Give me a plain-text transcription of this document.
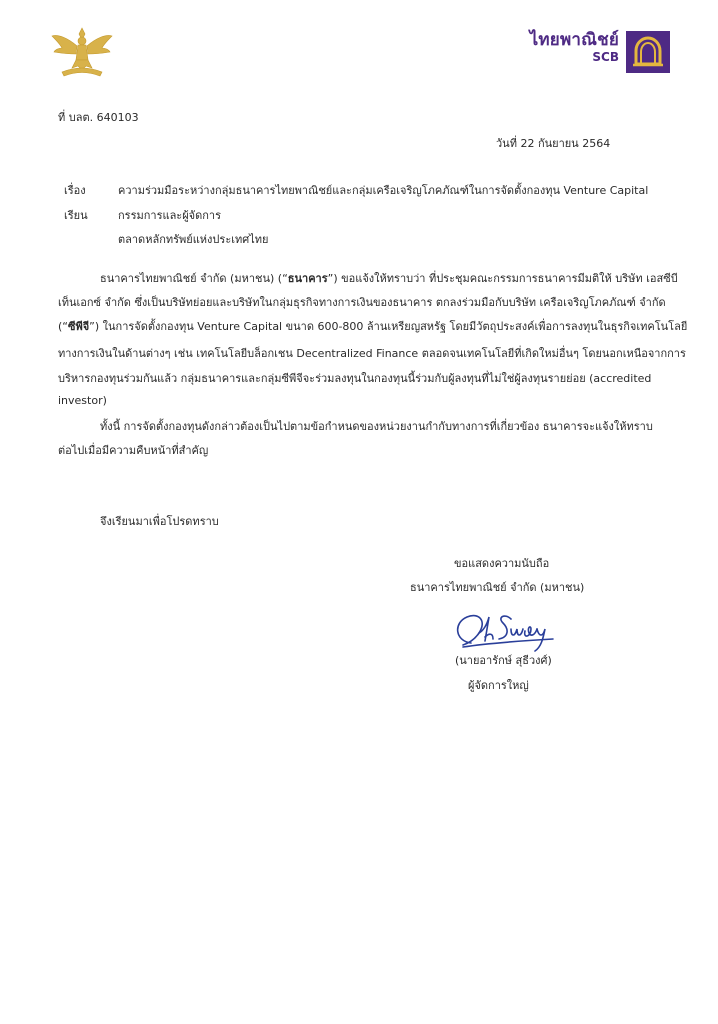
ไทยพาณิชย์
SCB
ที่ บลต. 640103
วันที่ 22 กันยายน 2564
เรื่อง	ความร่วมมือระหว่างกลุ่มธนาคารไทยพาณิชย์และกลุ่มเครือเจริญโภคภัณฑ์ในการจัดตั้งกองทุน Venture Capital
เรียน	กรรมการและผู้จัดการ
ตลาดหลักทรัพย์แห่งประเทศไทย
ธนาคารไทยพาณิชย์ จำกัด (มหาชน) (“ธนาคาร”) ขอแจ้งให้ทราบว่า ที่ประชุมคณะกรรมการธนาคารมีมติให้ บริษัท เอสซีบี
เท็นเอกซ์ จำกัด ซึ่งเป็นบริษัทย่อยและบริษัทในกลุ่มธุรกิจทางการเงินของธนาคาร ตกลงร่วมมือกับบริษัท เครือเจริญโภคภัณฑ์ จำกัด
(“ซีพีจี”) ในการจัดตั้งกองทุน Venture Capital ขนาด 600-800 ล้านเหรียญสหรัฐ โดยมีวัตถุประสงค์เพื่อการลงทุนในธุรกิจเทคโนโลยี
ทางการเงินในด้านต่างๆ เช่น เทคโนโลยีบล็อกเชน Decentralized Finance ตลอดจนเทคโนโลยีที่เกิดใหม่อื่นๆ โดยนอกเหนือจากการ
บริหารกองทุนร่วมกันแล้ว กลุ่มธนาคารและกลุ่มซีพีจีจะร่วมลงทุนในกองทุนนี้ร่วมกับผู้ลงทุนที่ไม่ใช่ผู้ลงทุนรายย่อย (accredited
investor)
ทั้งนี้ การจัดตั้งกองทุนดังกล่าวต้องเป็นไปตามข้อกำหนดของหน่วยงานกำกับทางการที่เกี่ยวข้อง ธนาคารจะแจ้งให้ทราบ
ต่อไปเมื่อมีความคืบหน้าที่สำคัญ
จึงเรียนมาเพื่อโปรดทราบ
ขอแสดงความนับถือ
ธนาคารไทยพาณิชย์ จำกัด (มหาชน)
(นายอารักษ์ สุธีวงศ์)
ผู้จัดการใหญ่
